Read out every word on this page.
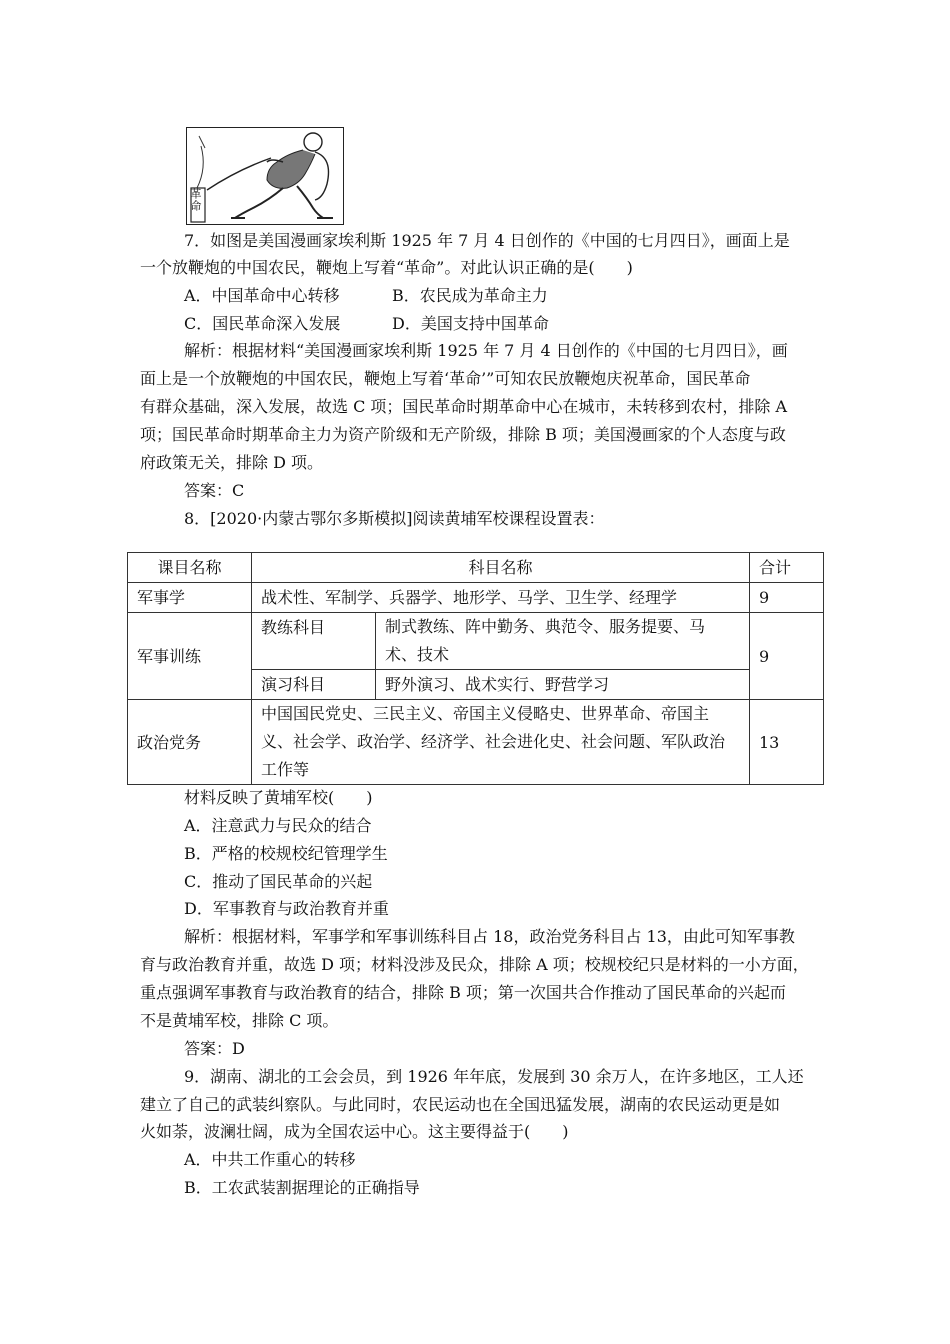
革命
7．如图是美国漫画家埃利斯 1925 年 7 月 4 日创作的《中国的七月四日》，画面上是
一个放鞭炮的中国农民，鞭炮上写着“革命”。对此认识正确的是(　　)
A．中国革命中心转移	B．农民成为革命主力
C．国民革命深入发展	D．美国支持中国革命
解析：根据材料“美国漫画家埃利斯 1925 年 7 月 4 日创作的《中国的七月四日》，画
面上是一个放鞭炮的中国农民，鞭炮上写着‘革命’”可知农民放鞭炮庆祝革命，国民革命
有群众基础，深入发展，故选 C 项；国民革命时期革命中心在城市，未转移到农村，排除 A
项；国民革命时期革命主力为资产阶级和无产阶级，排除 B 项；美国漫画家的个人态度与政
府政策无关，排除 D 项。
答案：C
8．[2020·内蒙古鄂尔多斯模拟]阅读黄埔军校课程设置表：
课目名称	科目名称		合计
军事学	战术性、军制学、兵器学、地形学、马学、卫生学、经理学		9
军事训练	教练科目	制式教练、阵中勤务、典范令、服务提要、马
术、技术	9
	演习科目	野外演习、战术实行、野营学习	
政治党务	中国国民党史、三民主义、帝国主义侵略史、世界革命、帝国主
义、社会学、政治学、经济学、社会进化史、社会问题、军队政治
工作等		13
材料反映了黄埔军校(　　)
A．注意武力与民众的结合
B．严格的校规校纪管理学生
C．推动了国民革命的兴起
D．军事教育与政治教育并重
解析：根据材料，军事学和军事训练科目占 18，政治党务科目占 13，由此可知军事教
育与政治教育并重，故选 D 项；材料没涉及民众，排除 A 项；校规校纪只是材料的一小方面，
重点强调军事教育与政治教育的结合，排除 B 项；第一次国共合作推动了国民革命的兴起而
不是黄埔军校，排除 C 项。
答案：D
9．湖南、湖北的工会会员，到 1926 年年底，发展到 30 余万人，在许多地区，工人还
建立了自己的武装纠察队。与此同时，农民运动也在全国迅猛发展，湖南的农民运动更是如
火如荼，波澜壮阔，成为全国农运中心。这主要得益于(　　)
A．中共工作重心的转移
B．工农武装割据理论的正确指导
